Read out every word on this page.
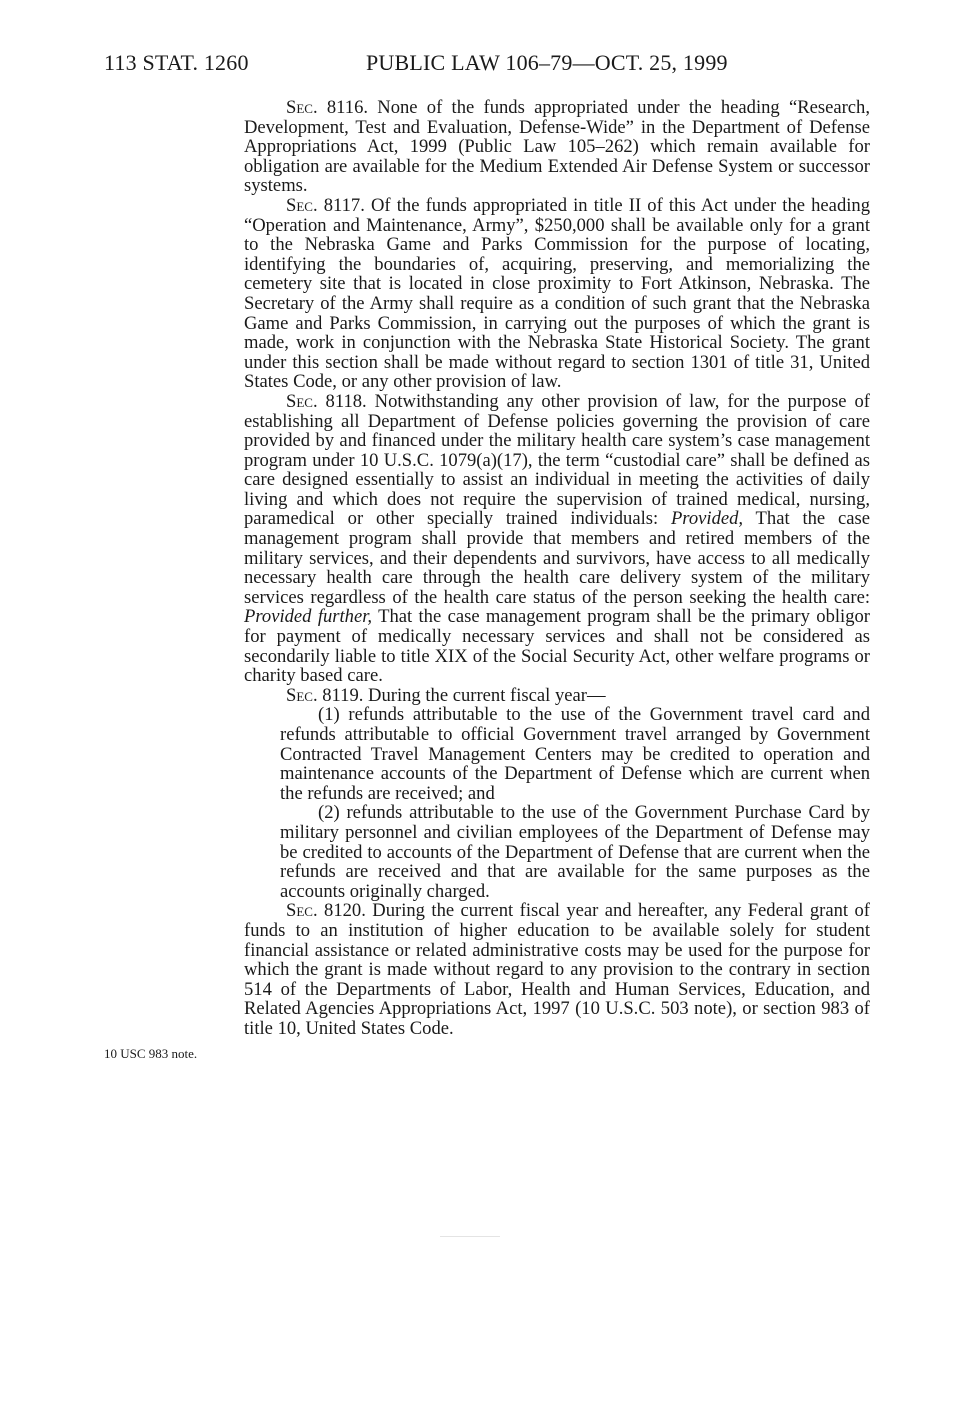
113 STAT. 1260	PUBLIC LAW 106–79—OCT. 25, 1999

Sec. 8116. None of the funds appropriated under the heading “Research, Development, Test and Evaluation, Defense-Wide” in the Department of Defense Appropriations Act, 1999 (Public Law 105–262) which remain available for obligation are available for the Medium Extended Air Defense System or successor systems.

Sec. 8117. Of the funds appropriated in title II of this Act under the heading “Operation and Maintenance, Army”, $250,000 shall be available only for a grant to the Nebraska Game and Parks Commission for the purpose of locating, identifying the boundaries of, acquiring, preserving, and memorializing the cemetery site that is located in close proximity to Fort Atkinson, Nebraska. The Secretary of the Army shall require as a condition of such grant that the Nebraska Game and Parks Commission, in carrying out the purposes of which the grant is made, work in conjunction with the Nebraska State Historical Society. The grant under this section shall be made without regard to section 1301 of title 31, United States Code, or any other provision of law.

Sec. 8118. Notwithstanding any other provision of law, for the purpose of establishing all Department of Defense policies governing the provision of care provided by and financed under the military health care system’s case management program under 10 U.S.C. 1079(a)(17), the term “custodial care” shall be defined as care designed essentially to assist an individual in meeting the activities of daily living and which does not require the supervision of trained medical, nursing, paramedical or other specially trained individuals: Provided, That the case management program shall provide that members and retired members of the military services, and their dependents and survivors, have access to all medically necessary health care through the health care delivery system of the military services regardless of the health care status of the person seeking the health care: Provided further, That the case management program shall be the primary obligor for payment of medically necessary services and shall not be considered as secondarily liable to title XIX of the Social Security Act, other welfare programs or charity based care.

Sec. 8119. During the current fiscal year—

(1) refunds attributable to the use of the Government travel card and refunds attributable to official Government travel arranged by Government Contracted Travel Management Centers may be credited to operation and maintenance accounts of the Department of Defense which are current when the refunds are received; and

(2) refunds attributable to the use of the Government Purchase Card by military personnel and civilian employees of the Department of Defense may be credited to accounts of the Department of Defense that are current when the refunds are received and that are available for the same purposes as the accounts originally charged.

Sec. 8120. During the current fiscal year and hereafter, any Federal grant of funds to an institution of higher education to be available solely for student financial assistance or related administrative costs may be used for the purpose for which the grant is made without regard to any provision to the contrary in section 514 of the Departments of Labor, Health and Human Services, Education, and Related Agencies Appropriations Act, 1997 (10 U.S.C. 503 note), or section 983 of title 10, United States Code.

10 USC 983 note.
